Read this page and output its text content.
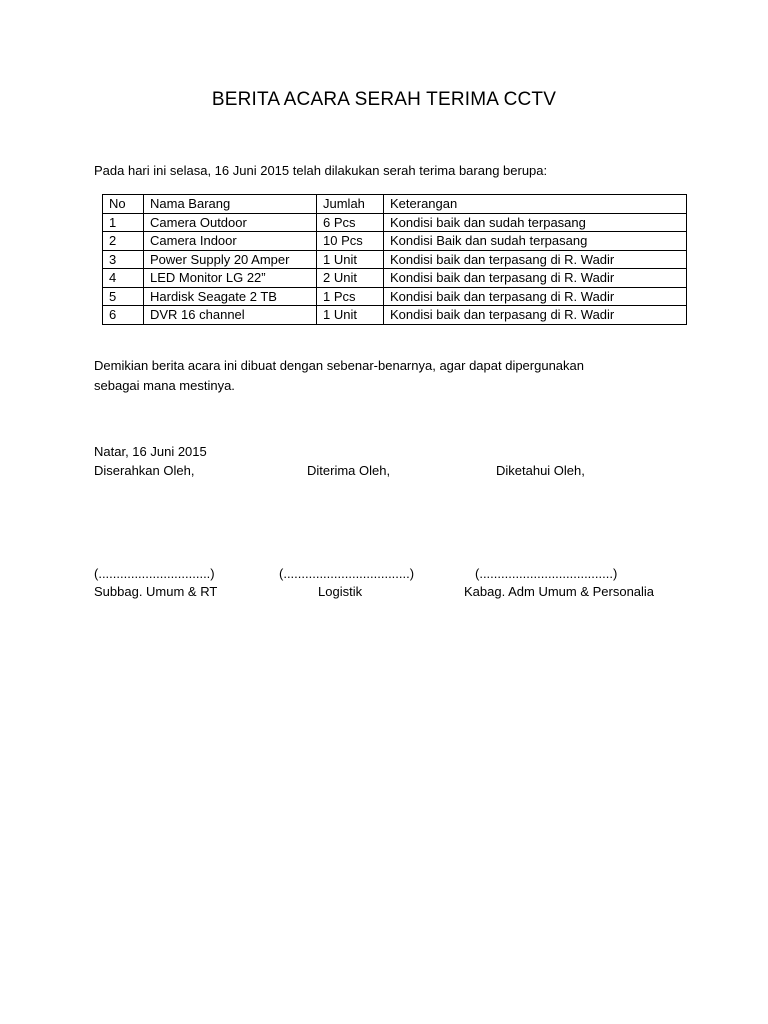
BERITA ACARA SERAH TERIMA CCTV
Pada hari ini selasa, 16 Juni 2015 telah dilakukan serah terima barang berupa:
No	Nama Barang	Jumlah	Keterangan
1	Camera Outdoor	6 Pcs	Kondisi baik dan sudah terpasang
2	Camera Indoor	10 Pcs	Kondisi Baik dan sudah terpasang
3	Power Supply 20 Amper	1 Unit	Kondisi baik dan terpasang di R. Wadir
4	LED Monitor LG 22”	2 Unit	Kondisi baik dan terpasang di R. Wadir
5	Hardisk Seagate 2 TB	1 Pcs	Kondisi baik dan terpasang di R. Wadir
6	DVR 16 channel	1 Unit	Kondisi baik dan terpasang di R. Wadir
Demikian berita acara ini dibuat dengan sebenar-benarnya, agar dapat dipergunakan
sebagai mana mestinya.
Natar, 16 Juni 2015
Diserahkan Oleh,
(...............................)
Subbag. Umum & RT
Diterima Oleh,
(...................................)
Logistik
Diketahui Oleh,
(.....................................)
Kabag. Adm Umum & Personalia
